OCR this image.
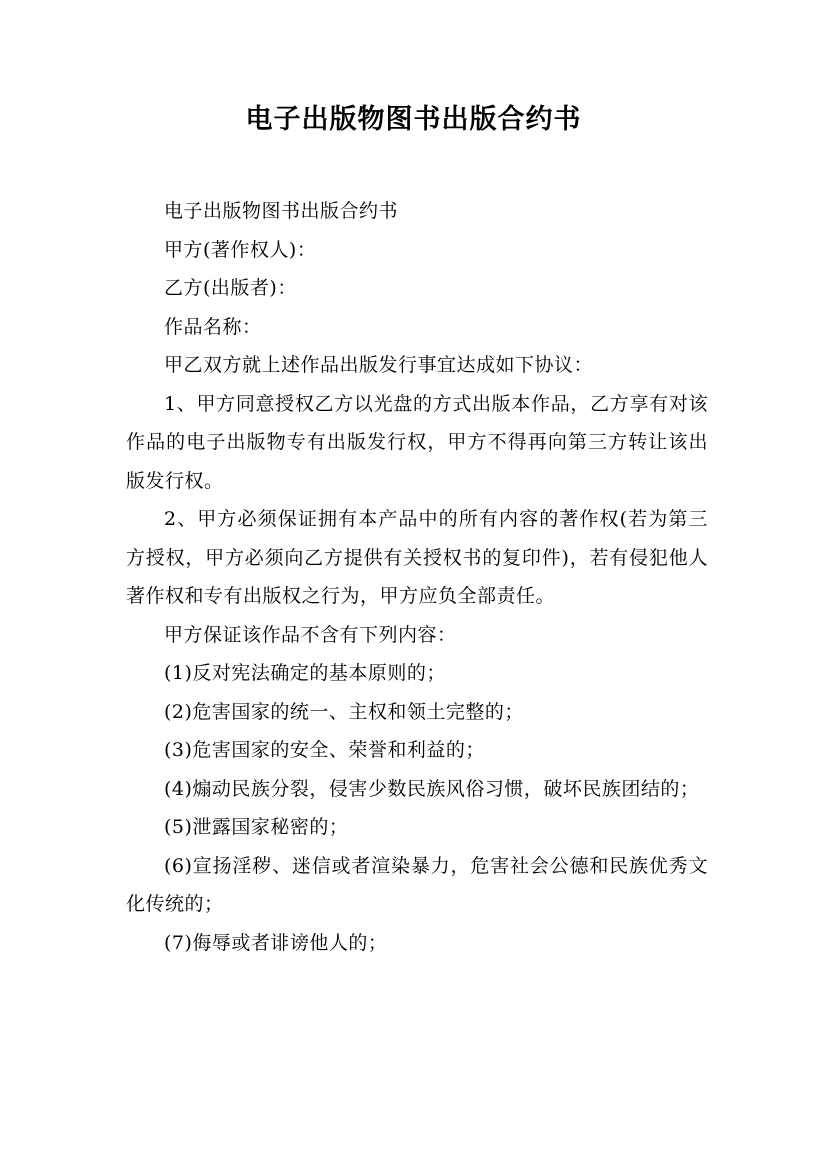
电子出版物图书出版合约书

电子出版物图书出版合约书

甲方(著作权人)：

乙方(出版者)：

作品名称：

甲乙双方就上述作品出版发行事宜达成如下协议：

1、甲方同意授权乙方以光盘的方式出版本作品，乙方享有对该作品的电子出版物专有出版发行权，甲方不得再向第三方转让该出版发行权。

2、甲方必须保证拥有本产品中的所有内容的著作权(若为第三方授权，甲方必须向乙方提供有关授权书的复印件)，若有侵犯他人著作权和专有出版权之行为，甲方应负全部责任。

甲方保证该作品不含有下列内容：

(1)反对宪法确定的基本原则的；

(2)危害国家的统一、主权和领土完整的；

(3)危害国家的安全、荣誉和利益的；

(4)煽动民族分裂，侵害少数民族风俗习惯，破坏民族团结的；

(5)泄露国家秘密的；

(6)宣扬淫秽、迷信或者渲染暴力，危害社会公德和民族优秀文化传统的；

(7)侮辱或者诽谤他人的；
